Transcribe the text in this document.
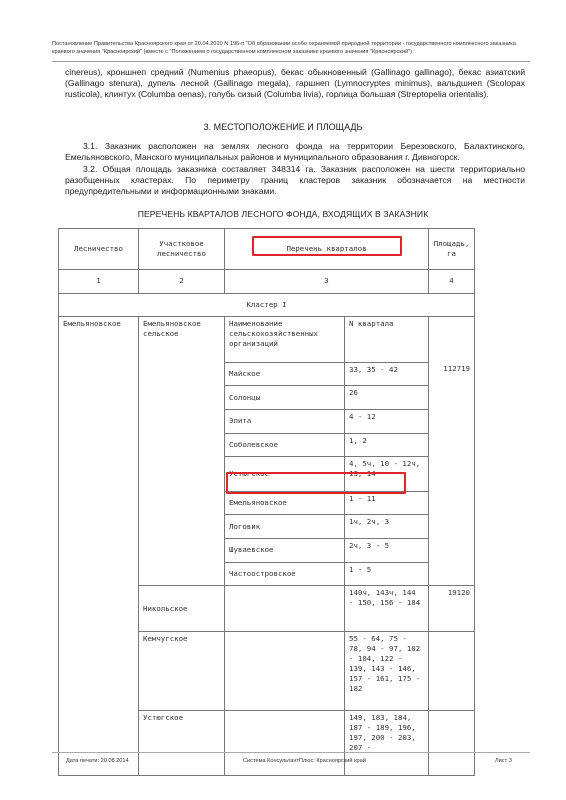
Постановление Правительства Красноярского края от 20.04.2010 N 196-п "Об образовании особо охраняемой природной территории - государственного комплексного заказника краевого значения "Красноярский" (вместе с "Положением о государственном комплексном заказнике краевого значения "Красноярский")
cinereus), кроншнеп средний (Numenius phaeopus), бекас обыкновенный (Gallinago gallinago), бекас азиатский (Gallinago stenura), дупель лесной (Gallinago megala), гаршнеп (Lymnocryptes minimus), вальдшнеп (Scolopax rusticola), клинтух (Columba oenas), голубь сизый (Columba livia), горлица большая (Streptopelia orientalis).
3. МЕСТОПОЛОЖЕНИЕ И ПЛОЩАДЬ
3.1. Заказник расположен на землях лесного фонда на территории Березовского, Балахтинского, Емельяновского, Манского муниципальных районов и муниципального образования г. Дивногорск.
3.2. Общая площадь заказника составляет 348314 га. Заказник расположен на шести территориально разобщенных кластерах. По периметру границ кластеров заказник обозначается на местности предупредительными и информационными знаками.
ПЕРЕЧЕНЬ КВАРТАЛОВ ЛЕСНОГО ФОНДА, ВХОДЯЩИХ В ЗАКАЗНИК
Лесничество	Участковое лесничество	Перечень кварталов		Площадь, га
1	2	3		4
Кластер I				
Емельяновское	Емельяновское сельское	Наименование сельскохозяйственных организаций	N квартала	
		Майское	33, 35 - 42	112719
		Солонцы	26	
		Элита	4 - 12	
		Соболевское	1, 2	
		Устюгское	4, 5ч, 10 - 12ч, 13, 14	
		Емельяновское	1 - 11	
		Логовик	1ч, 2ч, 3	
		Шуваевское	2ч, 3 - 5	
		Частоостровское	1 - 5	
	Никольское		140ч, 143ч, 144 - 150, 156 - 184	19120
	Кемчугское		55 - 64, 75 - 78, 94 - 97, 102 - 104, 122 - 139, 143 - 146, 157 - 161, 175 - 182	
	Устюгское		149, 183, 184, 187 - 189, 196, 197, 200 - 203, 207 -	
Дата печати: 20.08.2014	Система КонсультантПлюс: Красноярский край	Лист 3
